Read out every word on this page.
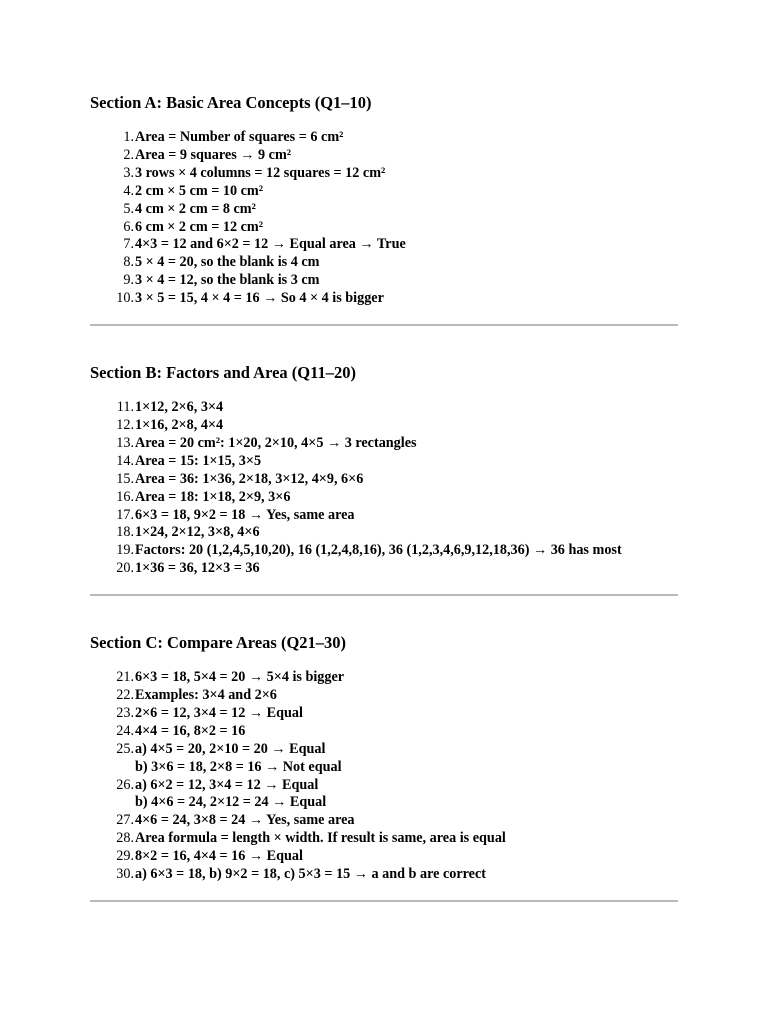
Section A: Basic Area Concepts (Q1–10)
1. Area = Number of squares = 6 cm²
2. Area = 9 squares → 9 cm²
3. 3 rows × 4 columns = 12 squares = 12 cm²
4. 2 cm × 5 cm = 10 cm²
5. 4 cm × 2 cm = 8 cm²
6. 6 cm × 2 cm = 12 cm²
7. 4×3 = 12 and 6×2 = 12 → Equal area → True
8. 5 × 4 = 20, so the blank is 4 cm
9. 3 × 4 = 12, so the blank is 3 cm
10. 3 × 5 = 15, 4 × 4 = 16 → So 4 × 4 is bigger
Section B: Factors and Area (Q11–20)
11. 1×12, 2×6, 3×4
12. 1×16, 2×8, 4×4
13. Area = 20 cm²: 1×20, 2×10, 4×5 → 3 rectangles
14. Area = 15: 1×15, 3×5
15. Area = 36: 1×36, 2×18, 3×12, 4×9, 6×6
16. Area = 18: 1×18, 2×9, 3×6
17. 6×3 = 18, 9×2 = 18 → Yes, same area
18. 1×24, 2×12, 3×8, 4×6
19. Factors: 20 (1,2,4,5,10,20), 16 (1,2,4,8,16), 36 (1,2,3,4,6,9,12,18,36) → 36 has most
20. 1×36 = 36, 12×3 = 36
Section C: Compare Areas (Q21–30)
21. 6×3 = 18, 5×4 = 20 → 5×4 is bigger
22. Examples: 3×4 and 2×6
23. 2×6 = 12, 3×4 = 12 → Equal
24. 4×4 = 16, 8×2 = 16
25. a) 4×5 = 20, 2×10 = 20 → Equal
b) 3×6 = 18, 2×8 = 16 → Not equal
26. a) 6×2 = 12, 3×4 = 12 → Equal
b) 4×6 = 24, 2×12 = 24 → Equal
27. 4×6 = 24, 3×8 = 24 → Yes, same area
28. Area formula = length × width. If result is same, area is equal
29. 8×2 = 16, 4×4 = 16 → Equal
30. a) 6×3 = 18, b) 9×2 = 18, c) 5×3 = 15 → a and b are correct
